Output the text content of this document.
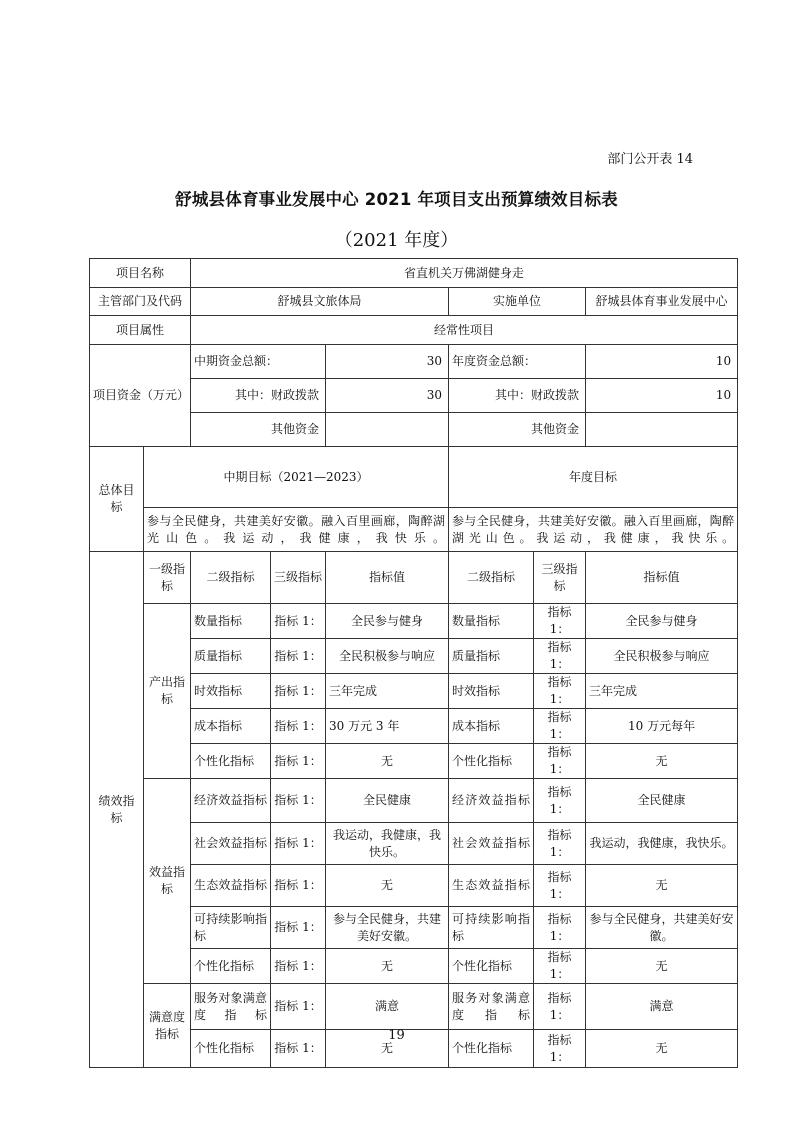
部门公开表 14
舒城县体育事业发展中心 2021 年项目支出预算绩效目标表
（2021 年度）
项目名称		省直机关万佛湖健身走					
主管部门及代码		舒城县文旅体局			实施单位		舒城县体育事业发展中心
项目属性		经常性项目					
项目资金（万元）		中期资金总额：		30	年度资金总额：		10
		其中：财政拨款		30	其中：财政拨款		10
		其他资金			其他资金		
总体目标	中期目标（2021—2023）				年度目标		
	参与全民健身，共建美好安徽。融入百里画廊，陶醉湖光山色。我运动，我健康，我快乐。				参与全民健身，共建美好安徽。融入百里画廊，陶醉湖光山色。我运动，我健康，我快乐。		
绩效指标	一级指标	二级指标	三级指标	指标值	二级指标	三级指标	指标值
	产出指标	数量指标	指标 1：	全民参与健身	数量指标	指标 1：	全民参与健身
		质量指标	指标 1：	全民积极参与响应	质量指标	指标 1：	全民积极参与响应
		时效指标	指标 1：	三年完成	时效指标	指标 1：	三年完成
		成本指标	指标 1：	30 万元 3 年	成本指标	指标 1：	10 万元每年
		个性化指标	指标 1：	无	个性化指标	指标 1：	无
	效益指标	经济效益指标	指标 1：	全民健康	经济效益指标	指标 1：	全民健康
		社会效益指标	指标 1：	我运动，我健康，我快乐。	社会效益指标	指标 1：	我运动，我健康，我快乐。
		生态效益指标	指标 1：	无	生态效益指标	指标 1：	无
		可持续影响指标	指标 1：	参与全民健身，共建美好安徽。	可持续影响指标	指标 1：	参与全民健身，共建美好安徽。
		个性化指标	指标 1：	无	个性化指标	指标 1：	无
	满意度指标	服务对象满意度指标	指标 1：	满意	服务对象满意度指标	指标 1：	满意
		个性化指标	指标 1：	无	个性化指标	指标 1：	无
19
